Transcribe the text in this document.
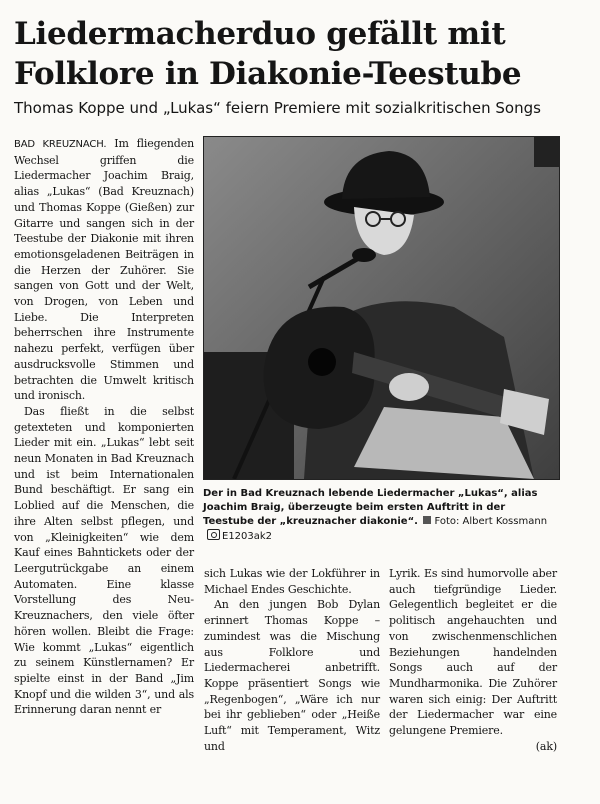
Liedermacherduo gefällt mit Folklore in Diakonie-Teestube
Thomas Koppe und „Lukas“ feiern Premiere mit sozialkritischen Songs

BAD KREUZNACH. Im fliegenden Wechsel griffen die Liedermacher Joachim Braig, alias „Lukas“ (Bad Kreuznach) und Thomas Koppe (Gießen) zur Gitarre und sangen sich in der Teestube der Diakonie mit ihren emotionsgeladenen Beiträgen in die Herzen der Zuhörer. Sie sangen von Gott und der Welt, von Drogen, von Leben und Liebe. Die Interpreten beherrschen ihre Instrumente nahezu perfekt, verfügen über ausdrucksvolle Stimmen und betrachten die Umwelt kritisch und ironisch.

Das fließt in die selbst getexteten und komponierten Lieder mit ein. „Lukas“ lebt seit neun Monaten in Bad Kreuznach und ist beim Internationalen Bund beschäftigt. Er sang ein Loblied auf die Menschen, die ihre Alten selbst pflegen, und von „Kleinigkeiten“ wie dem Kauf eines Bahntickets oder der Leergutrückgabe an einem Automaten. Eine klasse Vorstellung des Neu-Kreuznachers, den viele öfter hören wollen. Bleibt die Frage: Wie kommt „Lukas“ eigentlich zu seinem Künstlernamen? Er spielte einst in der Band „Jim Knopf und die wilden 3“, und als Erinnerung daran nennt er

Der in Bad Kreuznach lebende Liedermacher „Lukas“, alias Joachim Braig, überzeugte beim ersten Auftritt in der Teestube der „kreuznacher diakonie“. Foto: Albert Kossmann E1203ak2

sich Lukas wie der Lokführer in Michael Endes Geschichte.

An den jungen Bob Dylan erinnert Thomas Koppe – zumindest was die Mischung aus Folklore und Liedermacherei anbetrifft. Koppe präsentiert Songs wie „Regenbogen“, „Wäre ich nur bei ihr geblieben“ oder „Heiße Luft“ mit Temperament, Witz und

Lyrik. Es sind humorvolle aber auch tiefgründige Lieder. Gelegentlich begleitet er die politisch angehauchten und von zwischenmenschlichen Beziehungen handelnden Songs auch auf der Mundharmonika. Die Zuhörer waren sich einig: Der Auftritt der Liedermacher war eine gelungene Premiere.

(ak)
